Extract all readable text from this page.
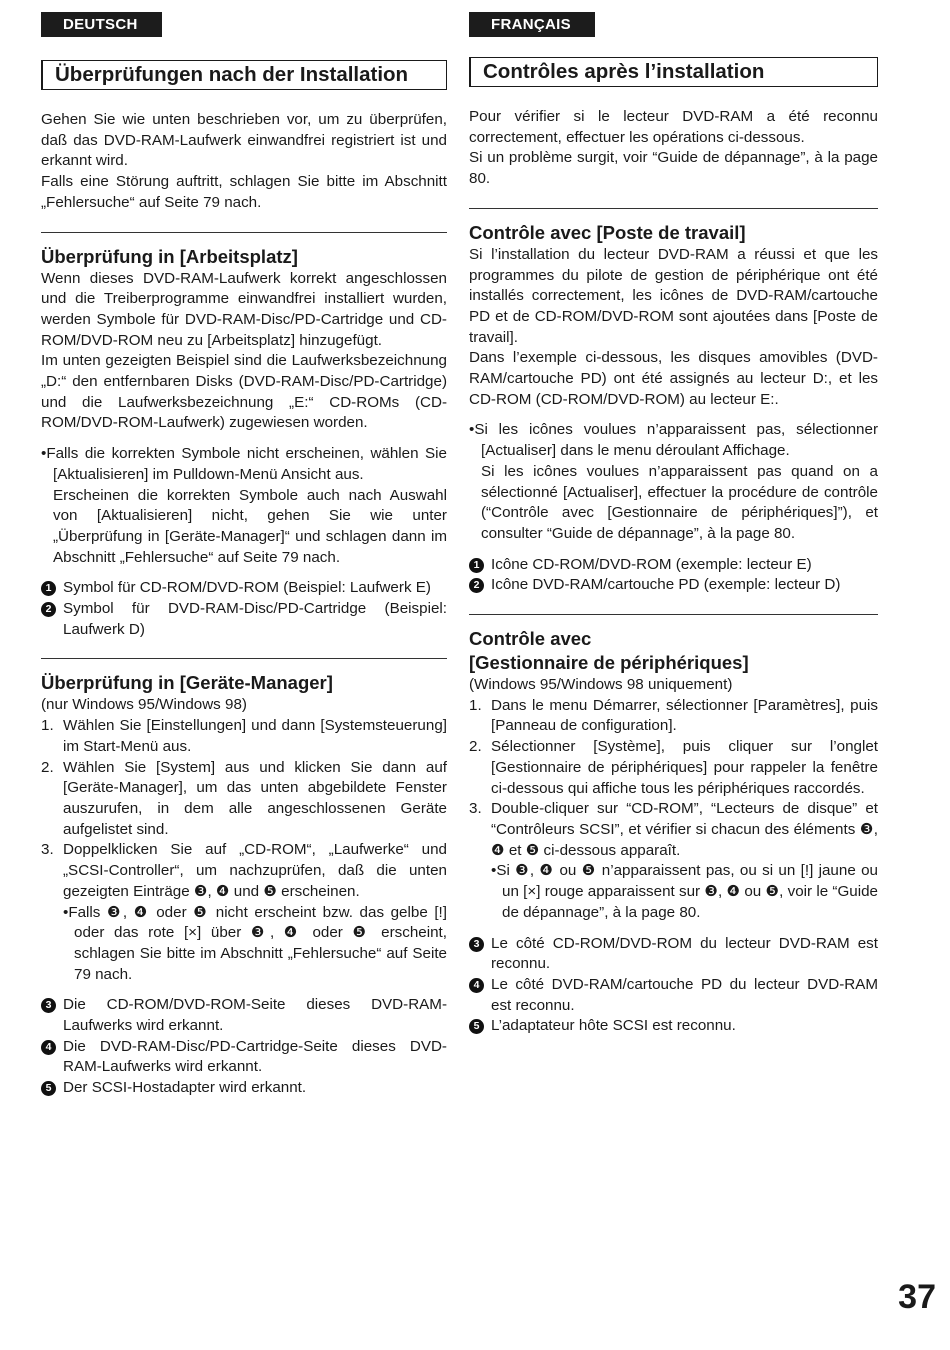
DEUTSCH
Überprüfungen nach der Installation

Gehen Sie wie unten beschrieben vor, um zu überprüfen, daß das DVD-RAM-Laufwerk einwandfrei registriert ist und erkannt wird.

Falls eine Störung auftritt, schlagen Sie bitte im Abschnitt „Fehlersuche“ auf Seite 79 nach.

Überprüfung in [Arbeitsplatz]

Wenn dieses DVD-RAM-Laufwerk korrekt angeschlossen und die Treiberprogramme einwandfrei installiert wurden, werden Symbole für DVD-RAM-Disc/PD-Cartridge und CD-ROM/DVD-ROM neu zu [Arbeitsplatz] hinzugefügt.

Im unten gezeigten Beispiel sind die Laufwerksbezeichnung „D:“ den entfernbaren Disks (DVD-RAM-Disc/PD-Cartridge) und die Laufwerksbezeichnung „E:“ CD-ROMs (CD-ROM/DVD-ROM-Laufwerk) zugewiesen worden.

•Falls die korrekten Symbole nicht erscheinen, wählen Sie [Aktualisieren] im Pulldown-Menü Ansicht aus.

Erscheinen die korrekten Symbole auch nach Auswahl von [Aktualisieren] nicht, gehen Sie wie unter „Überprüfung in [Geräte-Manager]“ und schlagen dann im Abschnitt „Fehlersuche“ auf Seite 79 nach.

1 Symbol für CD-ROM/DVD-ROM (Beispiel: Laufwerk E)
2 Symbol für DVD-RAM-Disc/PD-Cartridge (Beispiel: Laufwerk D)
Überprüfung in [Geräte-Manager]
(nur Windows 95/Windows 98)
1. Wählen Sie [Einstellungen] und dann [Systemsteuerung] im Start-Menü aus.
2. Wählen Sie [System] aus und klicken Sie dann auf [Geräte-Manager], um das unten abgebildete Fenster auszurufen, in dem alle angeschlossenen Geräte aufgelistet sind.
3. Doppelklicken Sie auf „CD-ROM“, „Laufwerke“ und „SCSI-Controller“, um nachzuprüfen, daß die unten gezeigten Einträge ❸, ❹ und ❺ erscheinen.

•Falls ❸, ❹ oder ❺ nicht erscheint bzw. das gelbe [!] oder das rote [×] über ❸, ❹ oder ❺ erscheint, schlagen Sie bitte im Abschnitt „Fehlersuche“ auf Seite 79 nach.

3 Die CD-ROM/DVD-ROM-Seite dieses DVD-RAM-Laufwerks wird erkannt.
4 Die DVD-RAM-Disc/PD-Cartridge-Seite dieses DVD-RAM-Laufwerks wird erkannt.
5 Der SCSI-Hostadapter wird erkannt.
FRANÇAIS
Contrôles après l’installation

Pour vérifier si le lecteur DVD-RAM a été reconnu correctement, effectuer les opérations ci-dessous.

Si un problème surgit, voir “Guide de dépannage”, à la page 80.

Contrôle avec [Poste de travail]

Si l’installation du lecteur DVD-RAM a réussi et que les programmes du pilote de gestion de périphérique ont été installés correctement, les icônes de DVD-RAM/cartouche PD et de CD-ROM/DVD-ROM sont ajoutées dans [Poste de travail].

Dans l’exemple ci-dessous, les disques amovibles (DVD-RAM/cartouche PD) ont été assignés au lecteur D:, et les CD-ROM (CD-ROM/DVD-ROM) au lecteur E:.

•Si les icônes voulues n’apparaissent pas, sélectionner [Actualiser] dans le menu déroulant Affichage.

Si les icônes voulues n’apparaissent pas quand on a sélectionné [Actualiser], effectuer la procédure de contrôle (“Contrôle avec [Gestionnaire de périphériques]”), et consulter “Guide de dépannage”, à la page 80.

1 Icône CD-ROM/DVD-ROM (exemple: lecteur E)
2 Icône DVD-RAM/cartouche PD (exemple: lecteur D)
Contrôle avec
[Gestionnaire de périphériques]
(Windows 95/Windows 98 uniquement)
1. Dans le menu Démarrer, sélectionner [Paramètres], puis [Panneau de configuration].
2. Sélectionner [Système], puis cliquer sur l’onglet [Gestionnaire de périphériques] pour rappeler la fenêtre ci-dessous qui affiche tous les périphériques raccordés.
3. Double-cliquer sur “CD-ROM”, “Lecteurs de disque” et “Contrôleurs SCSI”, et vérifier si chacun des éléments ❸, ❹ et ❺ ci-dessous apparaît.

•Si ❸, ❹ ou ❺ n’apparaissent pas, ou si un [!] jaune ou un [×] rouge apparaissent sur ❸, ❹ ou ❺, voir le “Guide de dépannage”, à la page 80.

3 Le côté CD-ROM/DVD-ROM du lecteur DVD-RAM est reconnu.
4 Le côté DVD-RAM/cartouche PD du lecteur DVD-RAM est reconnu.
5 L’adaptateur hôte SCSI est reconnu.
37
